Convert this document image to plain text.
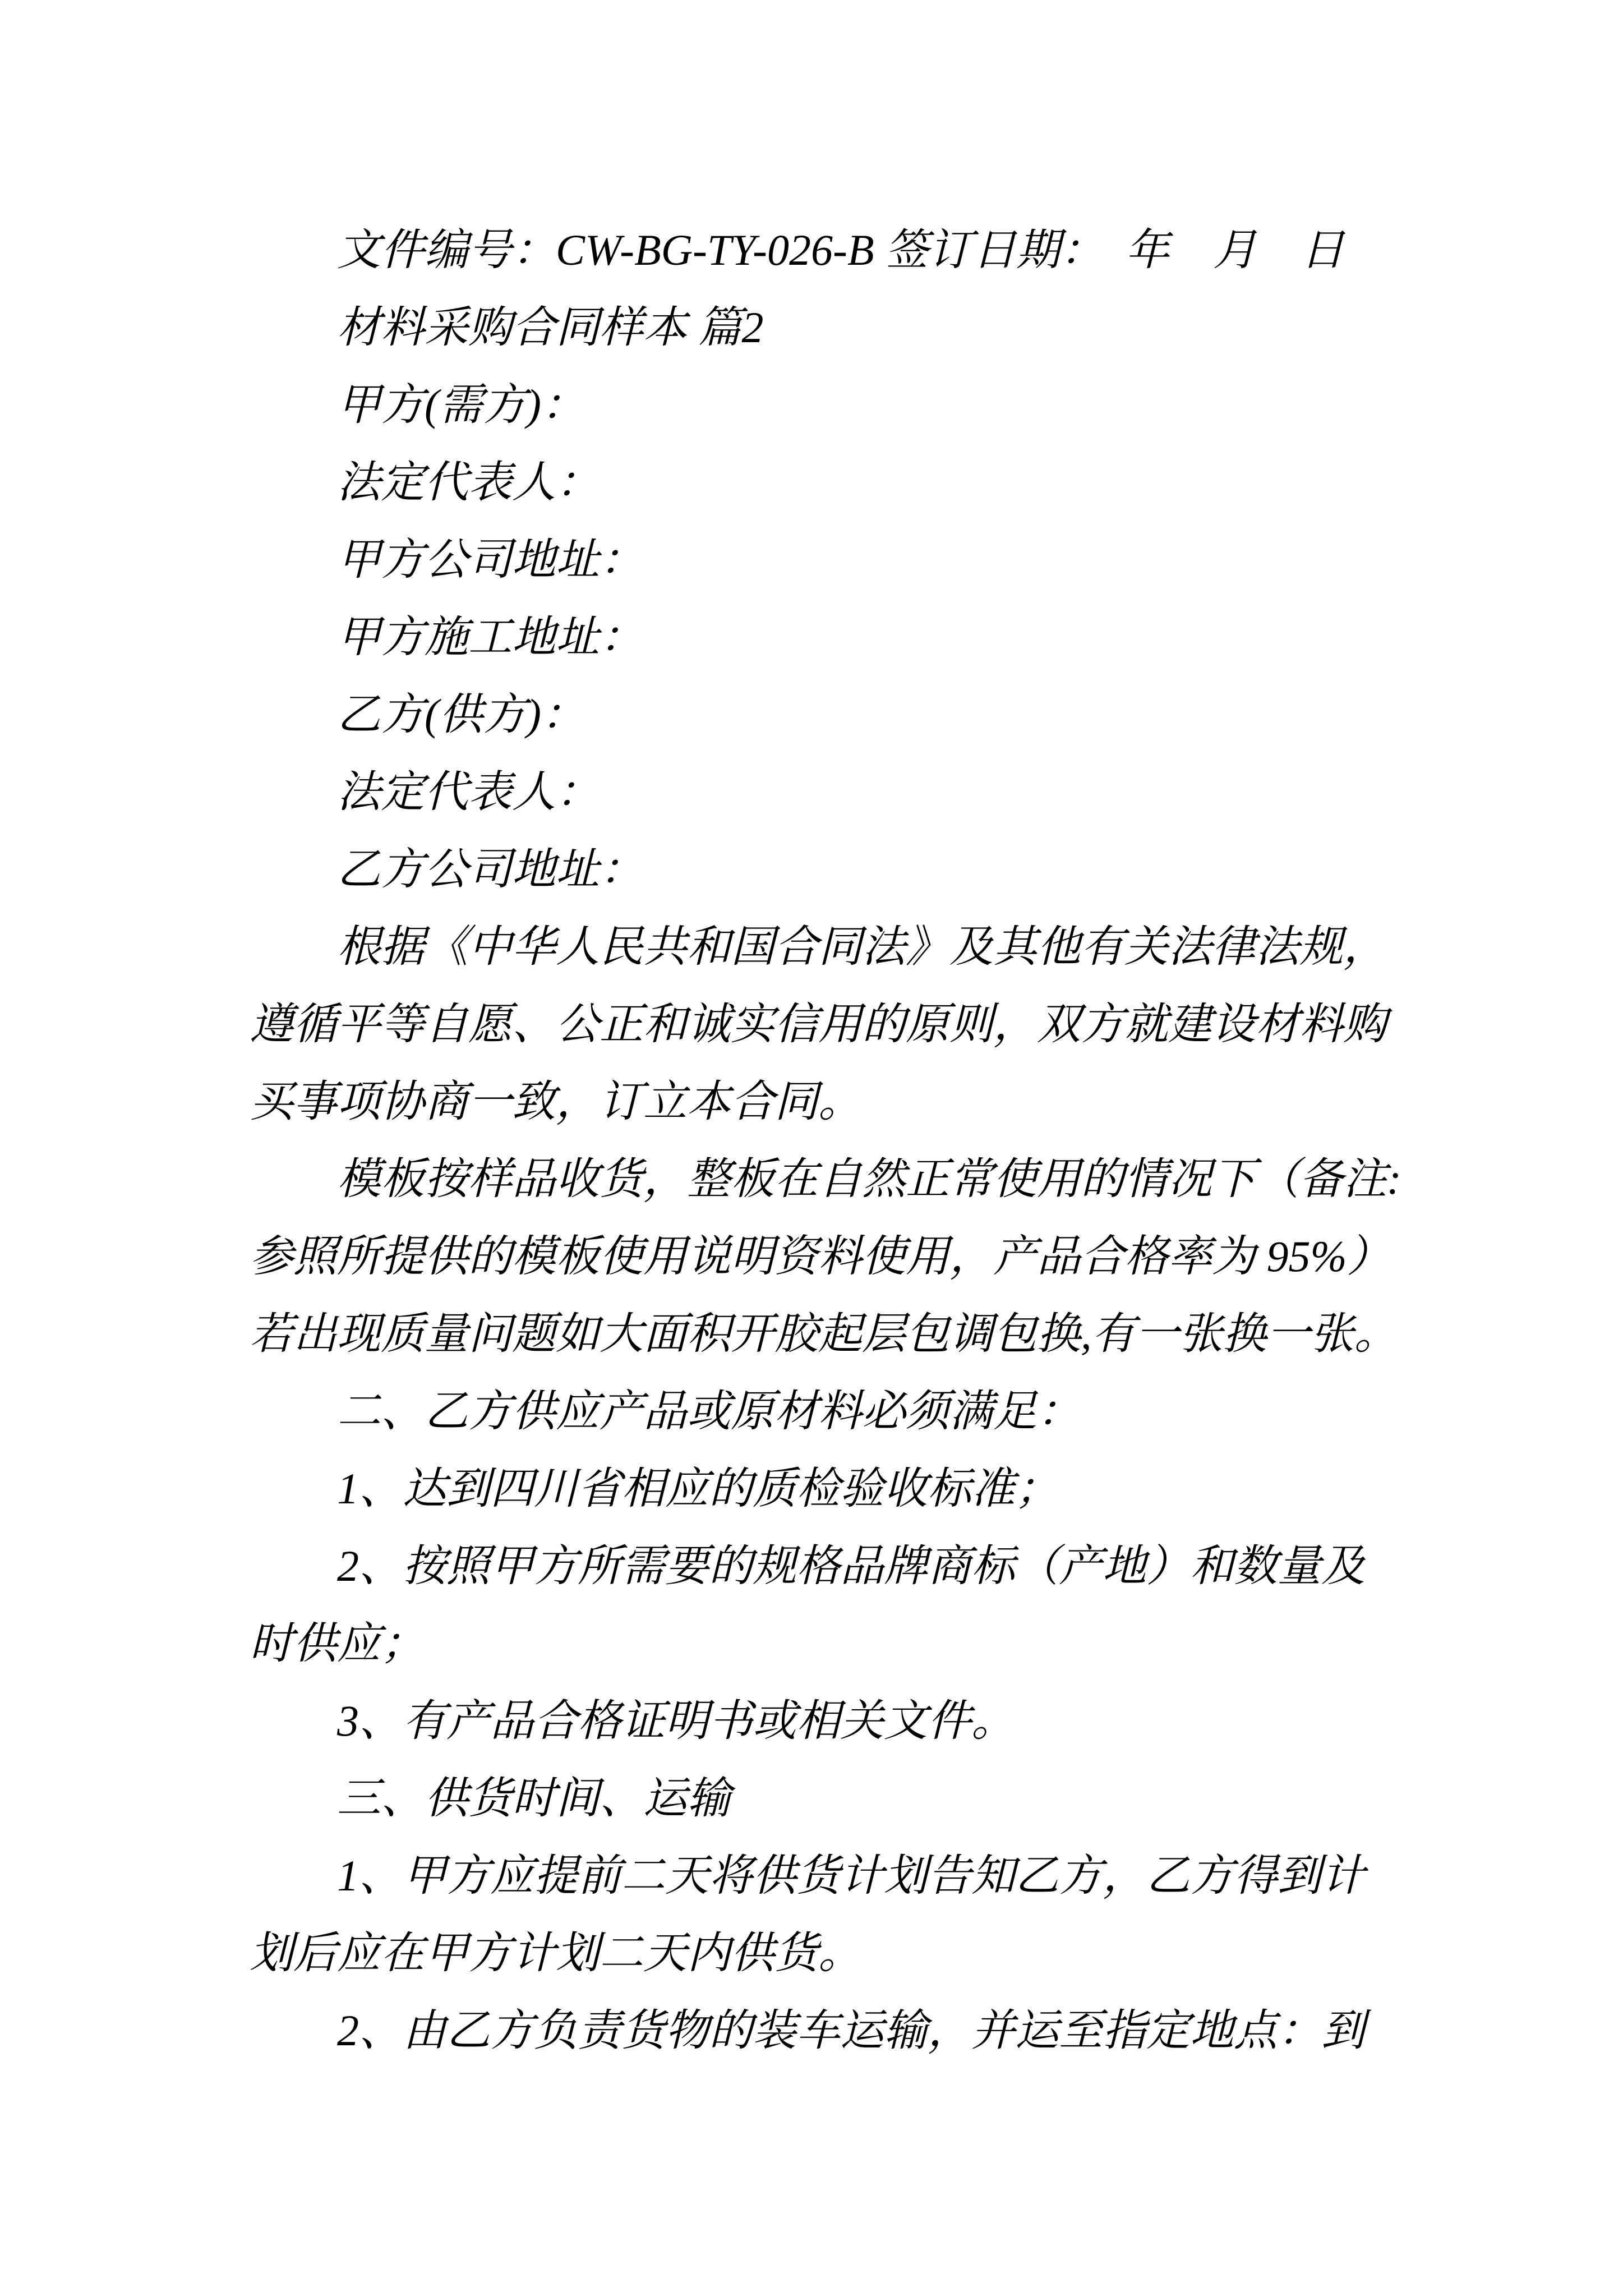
文件编号：CW-BG-TY-026-B 签订日期：　年　月　日

材料采购合同样本 篇2

甲方(需方)：

法定代表人：

甲方公司地址：

甲方施工地址：

乙方(供方)：

法定代表人：

乙方公司地址：

根据《中华人民共和国合同法》及其他有关法律法规，

遵循平等自愿、公正和诚实信用的原则，双方就建设材料购

买事项协商一致，订立本合同。

模板按样品收货，整板在自然正常使用的情况下（备注:

参照所提供的模板使用说明资料使用，产品合格率为 95%）

若出现质量问题如大面积开胶起层包调包换,有一张换一张。

二、乙方供应产品或原材料必须满足：

1、达到四川省相应的质检验收标准；

2、按照甲方所需要的规格品牌商标（产地）和数量及

时供应；

3、有产品合格证明书或相关文件。

三、供货时间、运输

1、甲方应提前二天将供货计划告知乙方，乙方得到计

划后应在甲方计划二天内供货。

2、由乙方负责货物的装车运输，并运至指定地点：到
